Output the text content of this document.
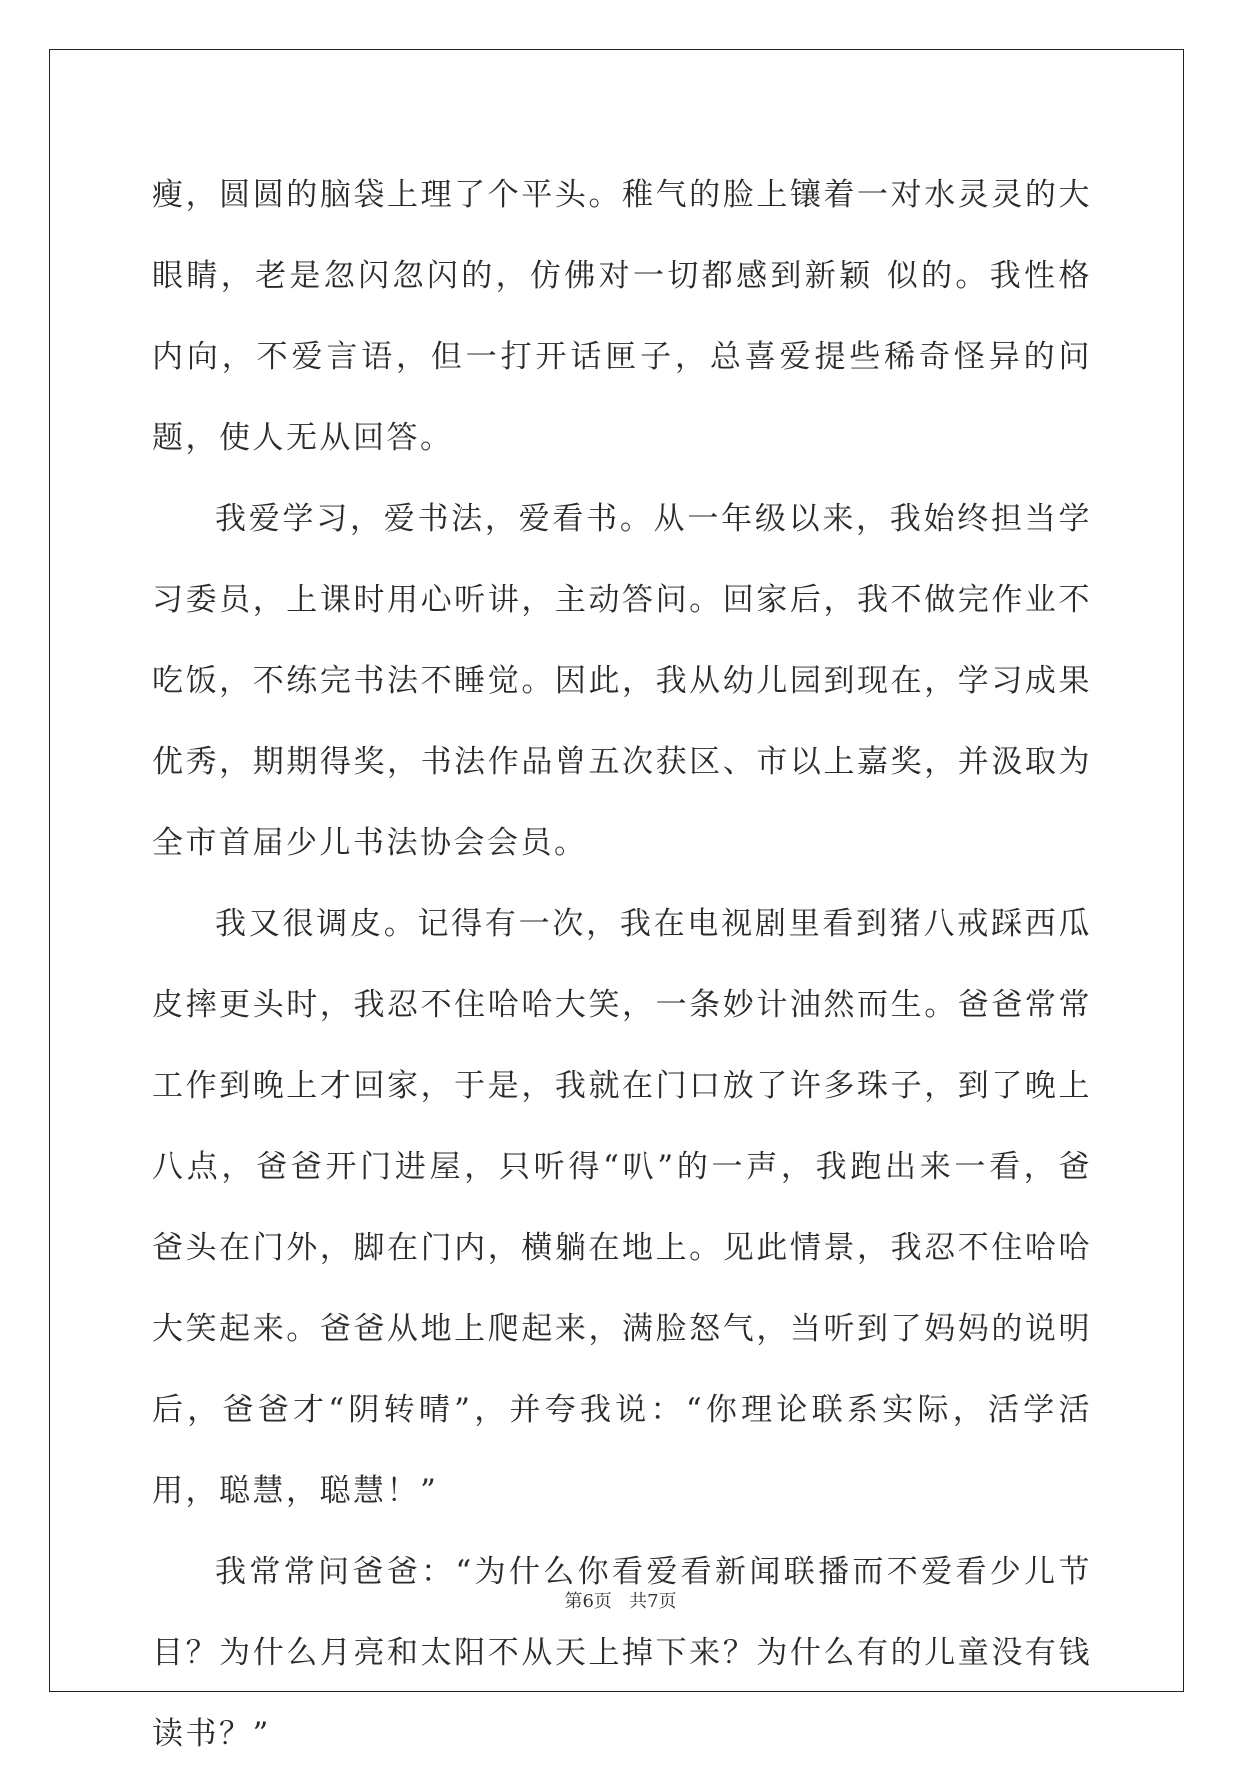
瘦，圆圆的脑袋上理了个平头。稚气的脸上镶着一对水灵灵的大眼睛，老是忽闪忽闪的，仿佛对一切都感到新颖 似的。我性格内向，不爱言语，但一打开话匣子，总喜爱提些稀奇怪异的问题，使人无从回答。

我爱学习，爱书法，爱看书。从一年级以来，我始终担当学习委员，上课时用心听讲，主动答问。回家后，我不做完作业不吃饭，不练完书法不睡觉。因此，我从幼儿园到现在，学习成果优秀，期期得奖，书法作品曾五次获区、市以上嘉奖，并汲取为全市首届少儿书法协会会员。

我又很调皮。记得有一次，我在电视剧里看到猪八戒踩西瓜皮摔更头时，我忍不住哈哈大笑，一条妙计油然而生。爸爸常常工作到晚上才回家，于是，我就在门口放了许多珠子，到了晚上八点，爸爸开门进屋，只听得“叭”的一声，我跑出来一看，爸爸头在门外，脚在门内，横躺在地上。见此情景，我忍不住哈哈大笑起来。爸爸从地上爬起来，满脸怒气，当听到了妈妈的说明后，爸爸才“阴转晴”，并夸我说：“你理论联系实际，活学活用，聪慧，聪慧！”

我常常问爸爸：“为什么你看爱看新闻联播而不爱看少儿节目？为什么月亮和太阳不从天上掉下来？为什么有的儿童没有钱读书？”

第6页   共7页
